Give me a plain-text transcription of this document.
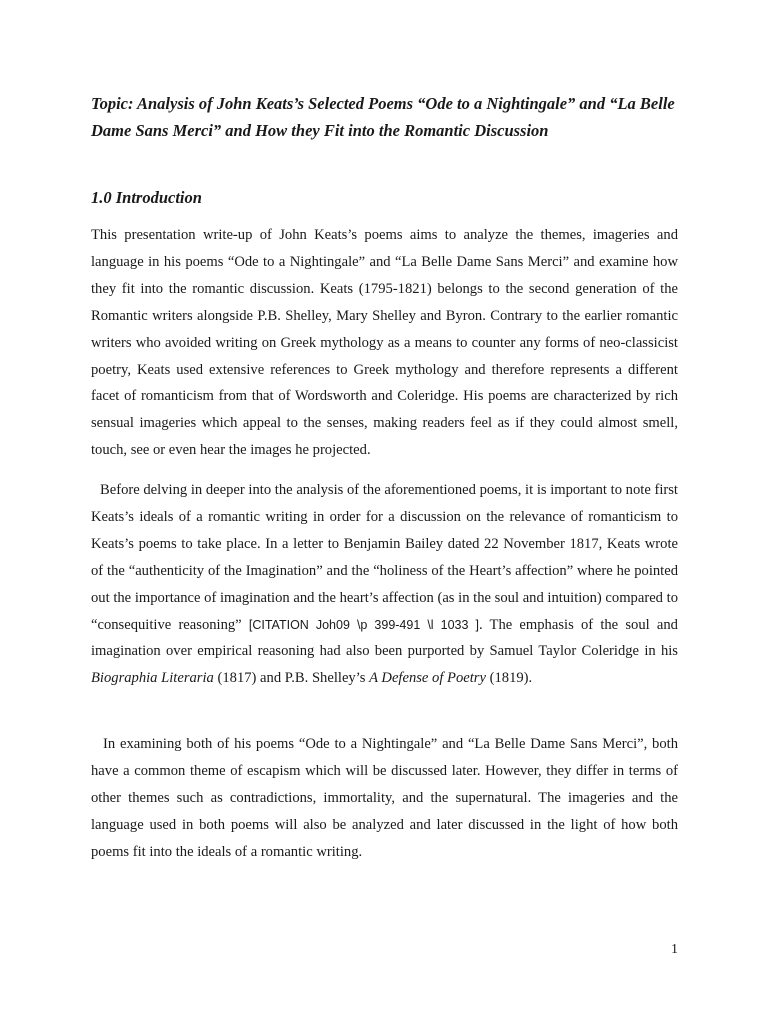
Topic: Analysis of John Keats’s Selected Poems “Ode to a Nightingale” and “La Belle Dame Sans Merci” and How they Fit into the Romantic Discussion
1.0 Introduction

This presentation write-up of John Keats’s poems aims to analyze the themes, imageries and language in his poems “Ode to a Nightingale” and “La Belle Dame Sans Merci” and examine how they fit into the romantic discussion. Keats (1795-1821) belongs to the second generation of the Romantic writers alongside P.B. Shelley, Mary Shelley and Byron. Contrary to the earlier romantic writers who avoided writing on Greek mythology as a means to counter any forms of neo-classicist poetry, Keats used extensive references to Greek mythology and therefore represents a different facet of romanticism from that of Wordsworth and Coleridge. His poems are characterized by rich sensual imageries which appeal to the senses, making readers feel as if they could almost smell, touch, see or even hear the images he projected.

Before delving in deeper into the analysis of the aforementioned poems, it is important to note first Keats’s ideals of a romantic writing in order for a discussion on the relevance of romanticism to Keats’s poems to take place. In a letter to Benjamin Bailey dated 22 November 1817, Keats wrote of the “authenticity of the Imagination” and the “holiness of the Heart’s affection” where he pointed out the importance of imagination and the heart’s affection (as in the soul and intuition) compared to “consequitive reasoning” [CITATION Joh09 \p 399-491 \l 1033 ]. The emphasis of the soul and imagination over empirical reasoning had also been purported by Samuel Taylor Coleridge in his Biographia Literaria (1817) and P.B. Shelley’s A Defense of Poetry (1819).

In examining both of his poems “Ode to a Nightingale” and “La Belle Dame Sans Merci”, both have a common theme of escapism which will be discussed later. However, they differ in terms of other themes such as contradictions, immortality, and the supernatural. The imageries and the language used in both poems will also be analyzed and later discussed in the light of how both poems fit into the ideals of a romantic writing.

1
